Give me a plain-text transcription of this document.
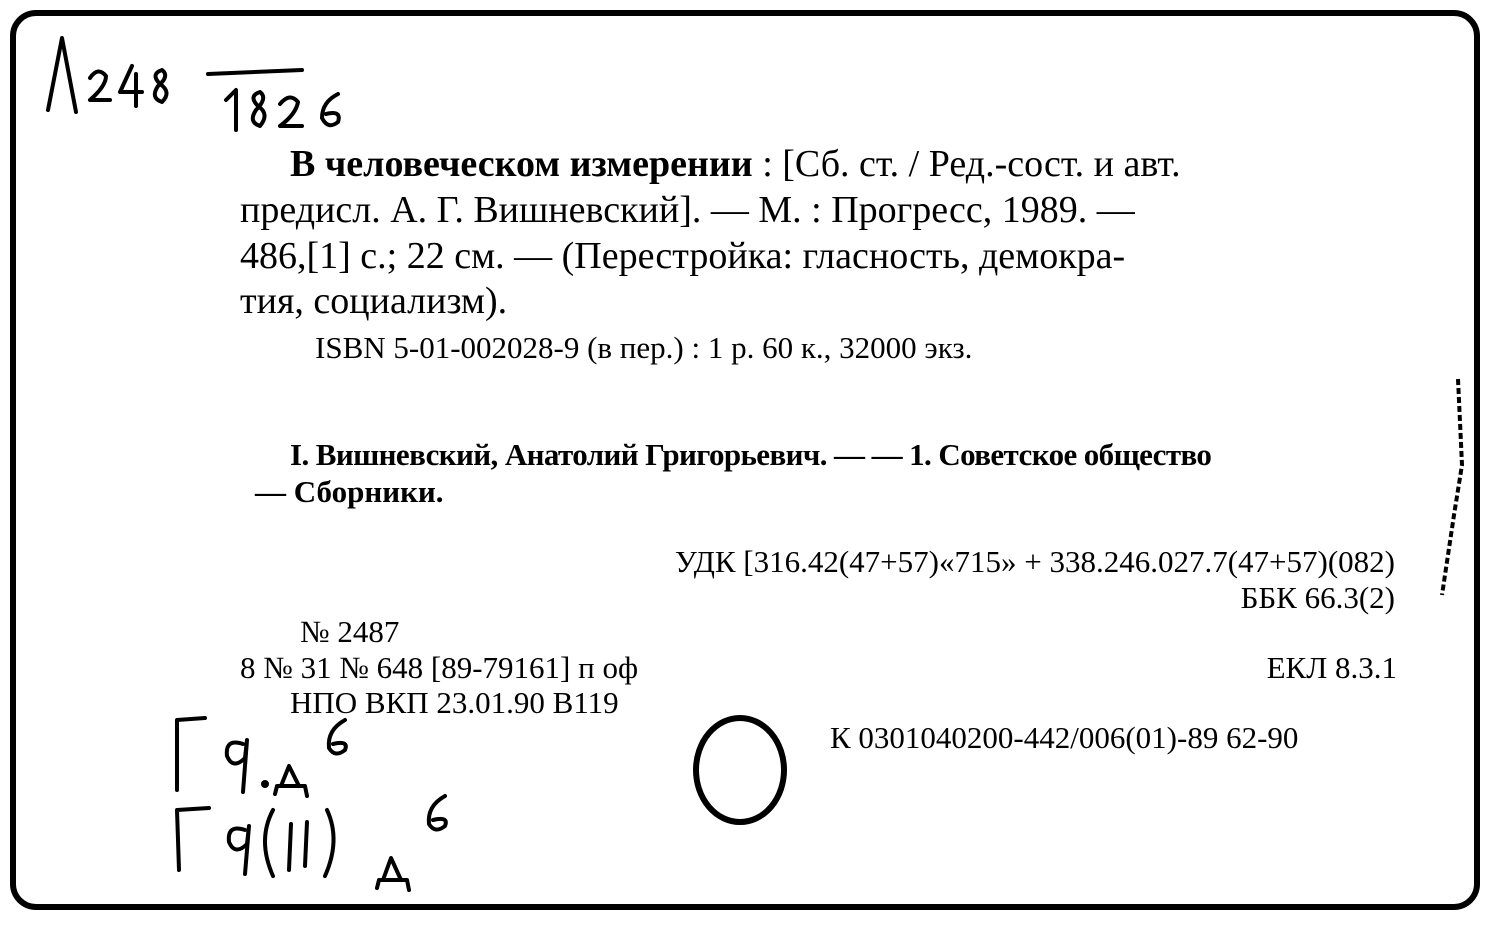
В человеческом измерении : [Сб. ст. / Ред.-сост. и авт.

предисл. А. Г. Вишневский]. — М. : Прогресс, 1989. —

486,[1] с.; 22 см. — (Перестройка: гласность, демокра-

тия, социализм).

ISBN 5-01-002028-9 (в пер.) : 1 р. 60 к., 32000 экз.

I. Вишневский, Анатолий Григорьевич. — — 1. Советское общество

— Сборники.

УДК [316.42(47+57)«715» + 338.246.027.7(47+57)(082)

ББК 66.3(2)

№ 2487

8 № 31 № 648 [89-79161] п оф	ЕКЛ 8.3.1

НПО ВКП 23.01.90 В119

К 0301040200-442/006(01)-89 62-90
